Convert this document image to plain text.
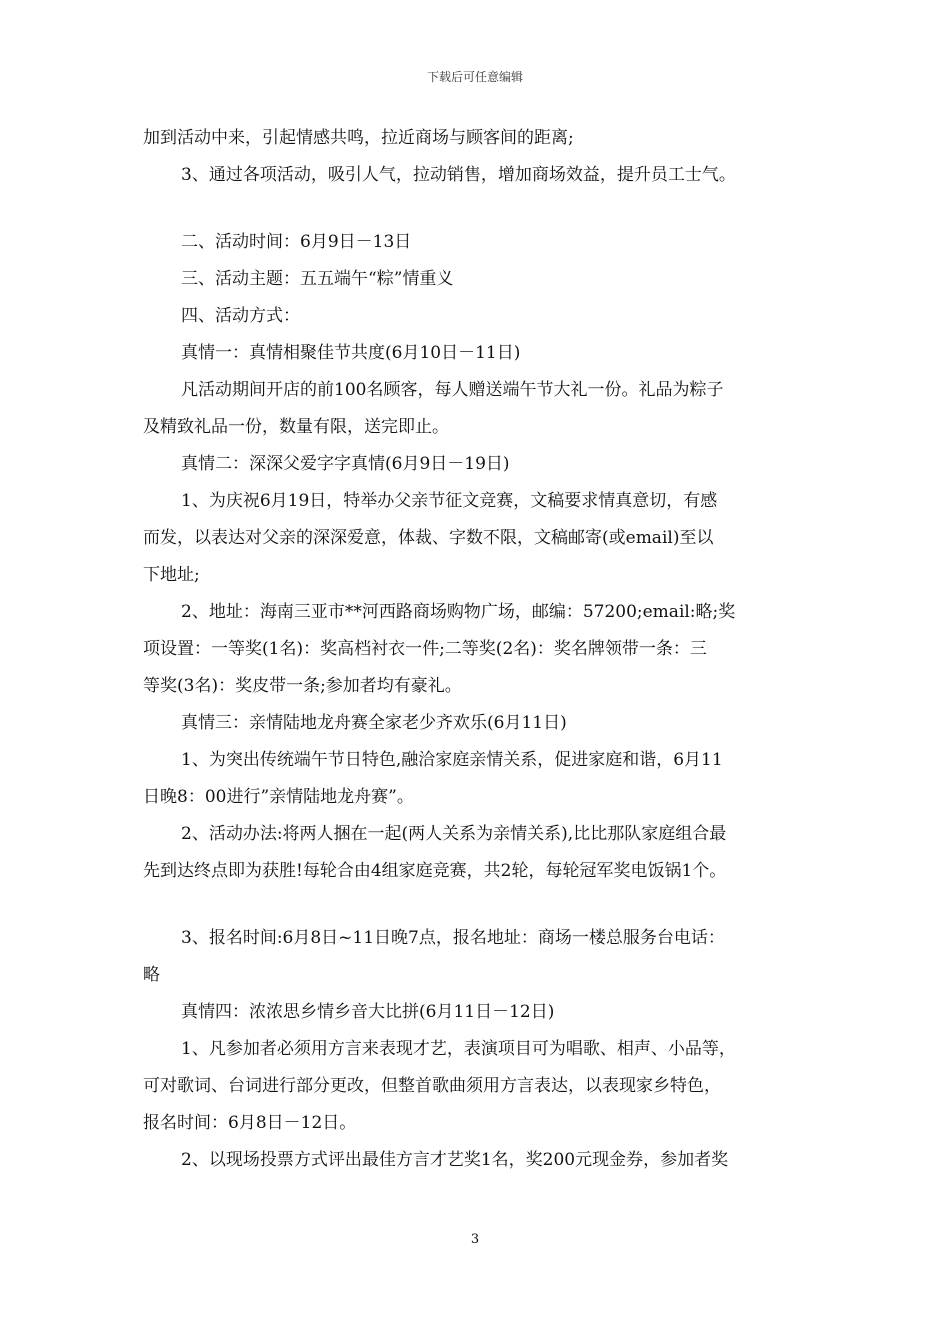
下载后可任意编辑

加到活动中来，引起情感共鸣，拉近商场与顾客间的距离;

3、通过各项活动，吸引人气，拉动销售，增加商场效益，提升员工士气。

二、活动时间：6月9日－13日

三、活动主题：五五端午“粽”情重义

四、活动方式：

真情一：真情相聚佳节共度(6月10日－11日)

凡活动期间开店的前100名顾客，每人赠送端午节大礼一份。礼品为粽子

及精致礼品一份，数量有限，送完即止。

真情二：深深父爱字字真情(6月9日－19日)

1、为庆祝6月19日，特举办父亲节征文竞赛，文稿要求情真意切，有感

而发，以表达对父亲的深深爱意，体裁、字数不限，文稿邮寄(或email)至以

下地址;

2、地址：海南三亚市**河西路商场购物广场，邮编：57200;email:略;奖

项设置：一等奖(1名)：奖高档衬衣一件;二等奖(2名)：奖名牌领带一条：三

等奖(3名)：奖皮带一条;参加者均有豪礼。

真情三：亲情陆地龙舟赛全家老少齐欢乐(6月11日)

1、为突出传统端午节日特色,融洽家庭亲情关系，促进家庭和谐，6月11

日晚8：00进行”亲情陆地龙舟赛”。

2、活动办法:将两人捆在一起(两人关系为亲情关系),比比那队家庭组合最

先到达终点即为获胜!每轮合由4组家庭竞赛，共2轮，每轮冠军奖电饭锅1个。

3、报名时间:6月8日~11日晚7点，报名地址：商场一楼总服务台电话：

略

真情四：浓浓思乡情乡音大比拼(6月11日－12日)

1、凡参加者必须用方言来表现才艺，表演项目可为唱歌、相声、小品等，

可对歌词、台词进行部分更改，但整首歌曲须用方言表达，以表现家乡特色，

报名时间：6月8日－12日。

2、以现场投票方式评出最佳方言才艺奖1名，奖200元现金券，参加者奖

3
